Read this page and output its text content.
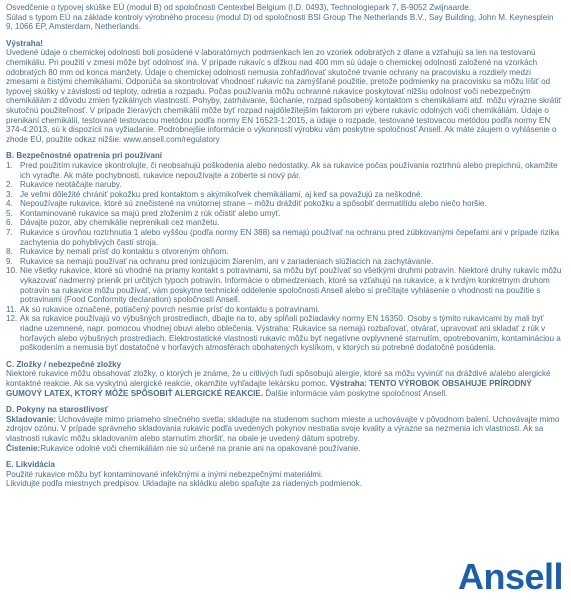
Osvedčenie o typovej skúške EÚ (modul B) od spoločnosti Centexbel Belgium (I.D. 0493), Technologiepark 7, B-9052 Zwijnaarde.

Súlad s typom EÚ na základe kontroly výrobného procesu (modul D) od spoločnosti BSI Group The Netherlands B.V., Say Building, John M. Keynesplein 9, 1066 EP, Amsterdam, Netherlands.

Výstraha!

Uvedené údaje o chemickej odolnosti boli posúdené v laboratórnych podmienkach len zo vzoriek odobratých z dlane a vzťahujú sa len na testovanú chemikáliu. Pri použití v zmesi môže byť odolnosť iná. V prípade rukavíc s dĺžkou nad 400 mm sú údaje o chemickej odolnosti založené na vzorkách odobratých 80 mm od konca manžety. Údaje o chemickej odolnosti nemusia zohľadňovať skutočné trvanie ochrany na pracovisku a rozdiely medzi zmesami a čistými chemikáliami. Odporúča sa skontrolovať vhodnosť rukavíc na zamýšľané použitie, pretože podmienky na pracovisku sa môžu líšiť od typovej skúšky v závislosti od teploty, odretia a rozpadu. Počas používania môžu ochranné rukavice poskytovať nižšiu odolnosť voči nebezpečným chemikáliám z dôvodu zmien fyzikálnych vlastností. Pohyby, zatrhávanie, šúchanie, rozpad spôsobený kontaktom s chemikáliami atď. môžu výrazne skrátiť skutočnú použiteľnosť. V prípade žieravých chemikálií môže byť rozpad najdôležitejším faktorom pri výbere rukavíc odolných voči chemikáliám. Údaje o prenikaní chemikálií, testované testovacou metódou podľa normy EN 16523-1:2015, a údaje o rozpade, testované testovacou metódou podľa normy EN 374-4:2013, sú k dispozícii na vyžiadanie. Podrobnejšie informácie o výkonnosti výrobku vám poskytne spoločnosť Ansell. Ak máte záujem o vyhlásenie o zhode EÚ, použite odkaz nižšie: www.ansell.com/regulatory

B. Bezpečnostné opatrenia pri používaní

1. Pred použitím rukavice skontrolujte, či neobsahujú poškodenia alebo nedostatky. Ak sa rukavice počas používania roztrhnú alebo prepichnú, okamžite ich vyraďte. Ak máte pochybnosti, rukavice nepoužívajte a zoberte si nový pár.
2. Rukavice neotáčajte naruby.
3. Je veľmi dôležité chrániť pokožku pred kontaktom s akýmikoľvek chemikáliami, aj keď sa považujú za neškodné.
4. Nepoužívajte rukavice, ktoré sú znečistené na vnútornej strane – môžu dráždiť pokožku a spôsobiť dermatitídu alebo niečo horšie.
5. Kontaminované rukavice sa majú pred zložením z rúk očistiť alebo umyť.
6. Dávajte pozor, aby chemikálie neprenikali cez manžetu.
7. Rukavice s úrovňou roztrhnutia 1 alebo vyššou (podľa normy EN 388) sa nemajú používať na ochranu pred zúbkovanými čepeľami ani v prípade rizika zachytenia do pohyblivých častí stroja.
8. Rukavice by nemali prísť do kontaktu s otvoreným ohňom.
9. Rukavice sa nemajú používať na ochranu pred ionizujúcim žiarením, ani v zariadeniach slúžiacich na zachytávanie.
10. Nie všetky rukavice, ktoré sú vhodné na priamy kontakt s potravinami, sa môžu byť používať so všetkými druhmi potravín. Niektoré druhy rukavíc môžu vykazovať nadmerný prienik pri určitých typoch potravín. Informácie o obmedzeniach, ktoré sa vzťahujú na rukavice, a k tvrdým konkrétnym druhom potravín sa rukavice môžu používať, vám poskytne technické oddelenie spoločnosti Ansell alebo si prečítajte vyhlásenie o vhodnosti na použitie s potravinami (Food Conformity declaration) spoločnosti Ansell.
11. Ak sú rukavice označené, potiačený povrch nesmie prísť do kontaktu s potravinami.
12. Ak sa rukavice používajú vo výbušných prostrediach, dbajte na to, aby spĺňali požiadavky normy EN 16350. Osoby s týmito rukavicami by mali byť riadne uzemnené, napr. pomocou vhodnej obuvi alebo oblečenia. Výstraha: Rukavice sa nemajú rozbaľovať, otvárať, upravovať ani skladať z rúk v horľavých alebo výbušných prostrediach. Elektrostatické vlastnosti rukavíc môžu byť negatívne ovplyvnené starnutím, opotrebovaním, kontamináciou a poškodením a nemusia byť dostatočné v horľavých atmosférach obohatených kyslíkom, v ktorých sú potrebné dodatočné posúdenia.

C. Zložky / nebezpečné zložky

Niektoré rukavice môžu obsahovať zložky, o ktorých je známe, že u citlivých ľudí spôsobujú alergie, ktoré sa môžu vyvinúť na dráždivé a/alebo alergické kontaktné reakcie. Ak sa vyskytnú alergické reakcie, okamžite vyhľadajte lekársku pomoc. Výstraha: TENTO VÝROBOK OBSAHUJE PRÍRODNÝ GUMOVÝ LATEX, KTORÝ MÔŽE SPÔSOBIŤ ALERGICKÉ REAKCIE. Ďalšie informácie vám poskytne spoločnosť Ansell.

D. Pokyny na starostlivosť

Skladovanie: Uchovávajte mimo priameho slnečného svetla; skladujte na studenom suchom mieste a uchovávajte v pôvodnom balení. Uchovávajte mimo zdrojov ozónu. V prípade správneho skladovania rukavíc podľa uvedených pokynov nestratia svoje kvality a výrazne sa nezmenia ich vlastnosti. Ak sa vlastnosti rukavíc môžu skladovaním alebo starnutím zhoršiť, na obale je uvedený dátum spotreby.

Čistenie:Rukavice odolné voči chemikáliám nie sú určené na pranie ani na opakované používanie.

E. Likvidácia

Použité rukavice môžu byť kontaminované infekčnými a inými nebezpečnými materiálmi.

Likvidujte podľa miestnych predpisov. Ukladajte na skládku alebo spaľujte za riadených podmienok.

Ansell
